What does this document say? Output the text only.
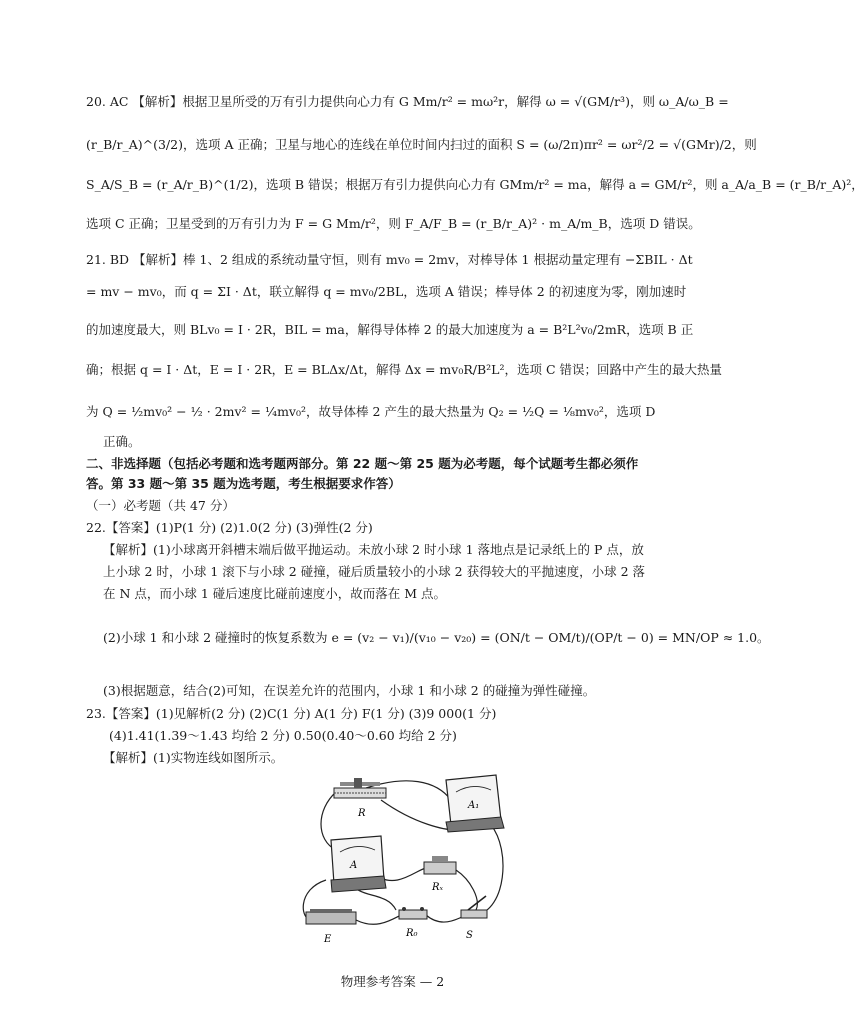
20. AC 【解析】根据卫星所受的万有引力提供向心力有 G Mm/r² = mω²r，解得 ω = √(GM/r³)，则 ω_A/ω_B =
(r_B/r_A)^(3/2)，选项 A 正确；卫星与地心的连线在单位时间内扫过的面积 S = (ω/2π)πr² = ωr²/2 = √(GMr)/2，则
S_A/S_B = (r_A/r_B)^(1/2)，选项 B 错误；根据万有引力提供向心力有 GMm/r² = ma，解得 a = GM/r²，则 a_A/a_B = (r_B/r_A)²，
选项 C 正确；卫星受到的万有引力为 F = G Mm/r²，则 F_A/F_B = (r_B/r_A)² · m_A/m_B，选项 D 错误。
21. BD 【解析】棒 1、2 组成的系统动量守恒，则有 mv₀ = 2mv，对棒导体 1 根据动量定理有 −ΣBIL · Δt
= mv − mv₀，而 q = ΣI · Δt，联立解得 q = mv₀/2BL，选项 A 错误；棒导体 2 的初速度为零，刚加速时
的加速度最大，则 BLv₀ = I · 2R，BIL = ma，解得导体棒 2 的最大加速度为 a = B²L²v₀/2mR，选项 B 正
确；根据 q = I · Δt，E = I · 2R，E = BLΔx/Δt，解得 Δx = mv₀R/B²L²，选项 C 错误；回路中产生的最大热量
为 Q = ½mv₀² − ½ · 2mv² = ¼mv₀²，故导体棒 2 产生的最大热量为 Q₂ = ½Q = ⅛mv₀²，选项 D
正确。
二、非选择题（包括必考题和选考题两部分。第 22 题～第 25 题为必考题，每个试题考生都必须作
答。第 33 题～第 35 题为选考题，考生根据要求作答）
（一）必考题（共 47 分）
22.【答案】(1)P(1 分) (2)1.0(2 分) (3)弹性(2 分)
【解析】(1)小球离开斜槽末端后做平抛运动。未放小球 2 时小球 1 落地点是记录纸上的 P 点，放
上小球 2 时，小球 1 滚下与小球 2 碰撞，碰后质量较小的小球 2 获得较大的平抛速度，小球 2 落
在 N 点，而小球 1 碰后速度比碰前速度小，故而落在 M 点。
(2)小球 1 和小球 2 碰撞时的恢复系数为 e = (v₂ − v₁)/(v₁₀ − v₂₀) = (ON/t − OM/t)/(OP/t − 0) = MN/OP ≈ 1.0。
(3)根据题意，结合(2)可知，在误差允许的范围内，小球 1 和小球 2 的碰撞为弹性碰撞。
23.【答案】(1)见解析(2 分) (2)C(1 分) A(1 分) F(1 分) (3)9 000(1 分)
(4)1.41(1.39～1.43 均给 2 分) 0.50(0.40～0.60 均给 2 分)
【解析】(1)实物连线如图所示。
R
A₁
A
Rₓ
E
R₀	S
物理参考答案 — 2
